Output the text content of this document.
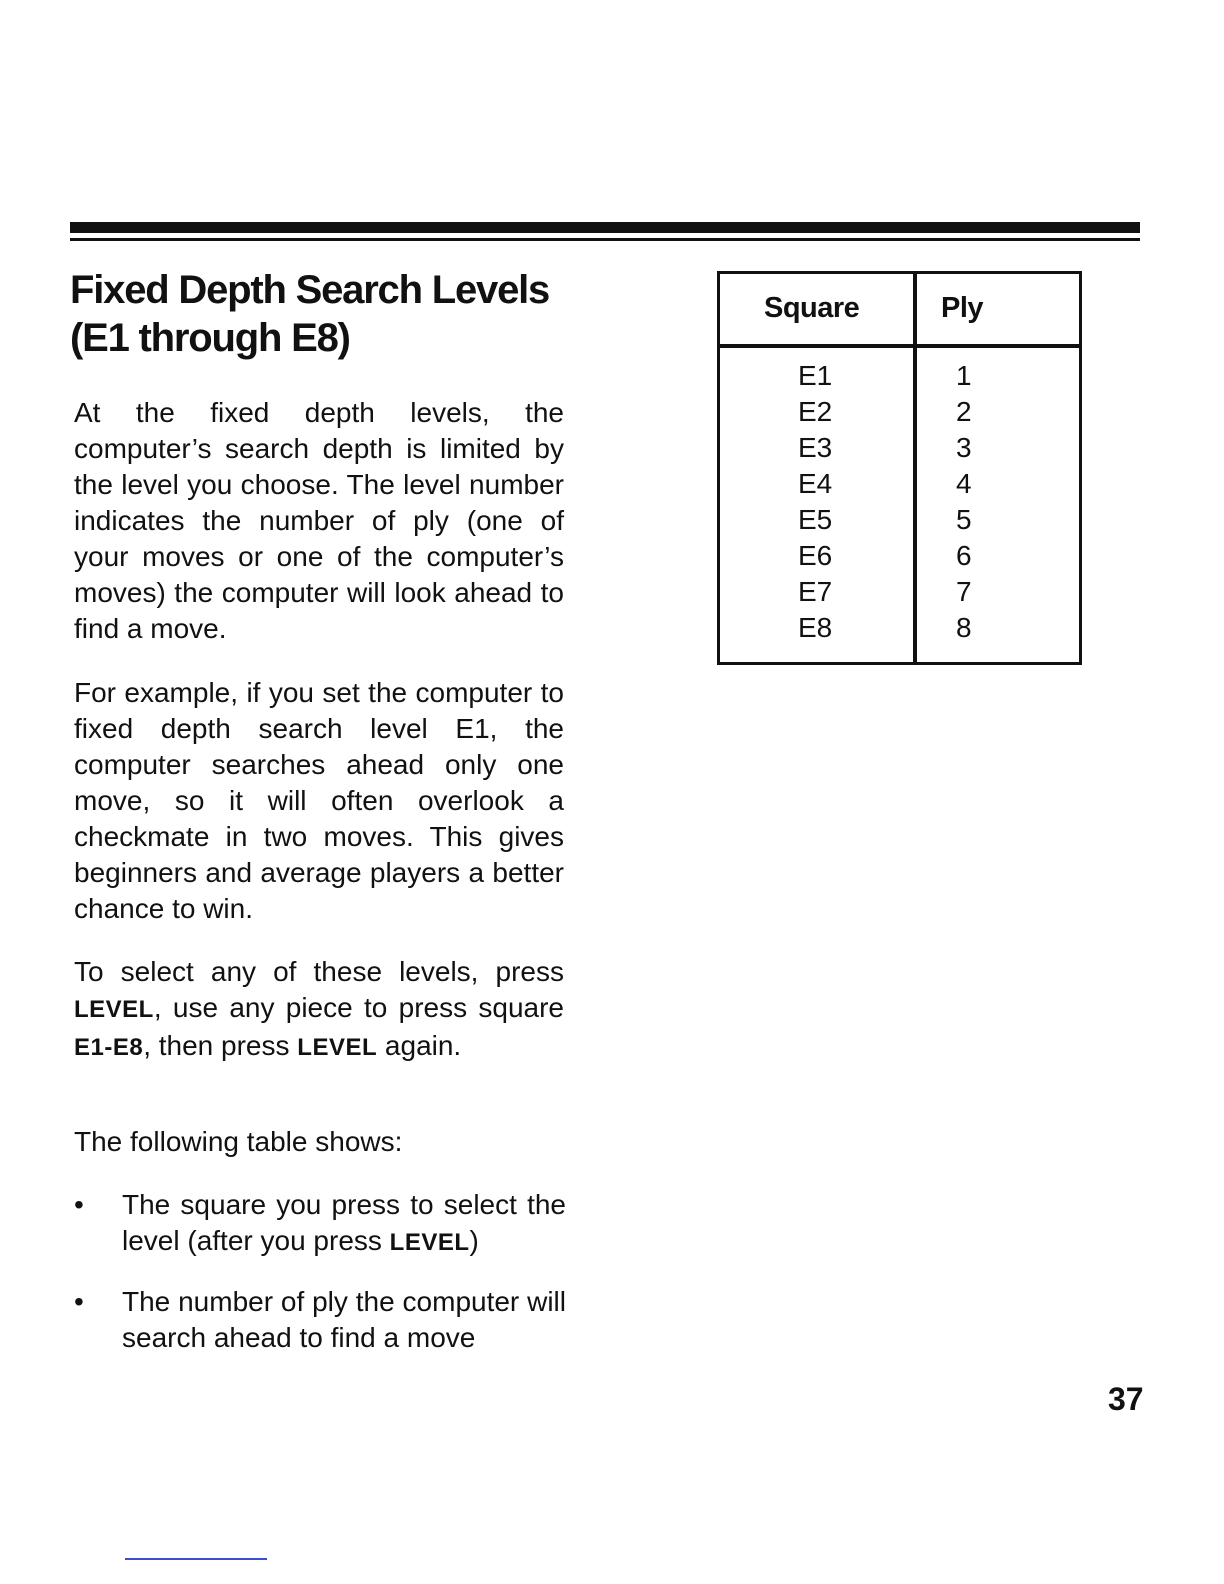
Fixed Depth Search Levels
(E1 through E8)

At the fixed depth levels, the computer’s search depth is limited by the level you choose. The level number indicates the number of ply (one of your moves or one of the computer’s moves) the computer will look ahead to find a move.

For example, if you set the computer to fixed depth search level E1, the computer searches ahead only one move, so it will often overlook a checkmate in two moves. This gives beginners and average players a better chance to win.

To select any of these levels, press LEVEL, use any piece to press square E1-E8, then press LEVEL again.

The following table shows:

•	The square you press to select the level (after you press LEVEL)
•	The number of ply the computer will search ahead to find a move
Square	Ply
E1	1
E2	2
E3	3
E4	4
E5	5
E6	6
E7	7
E8	8
37
